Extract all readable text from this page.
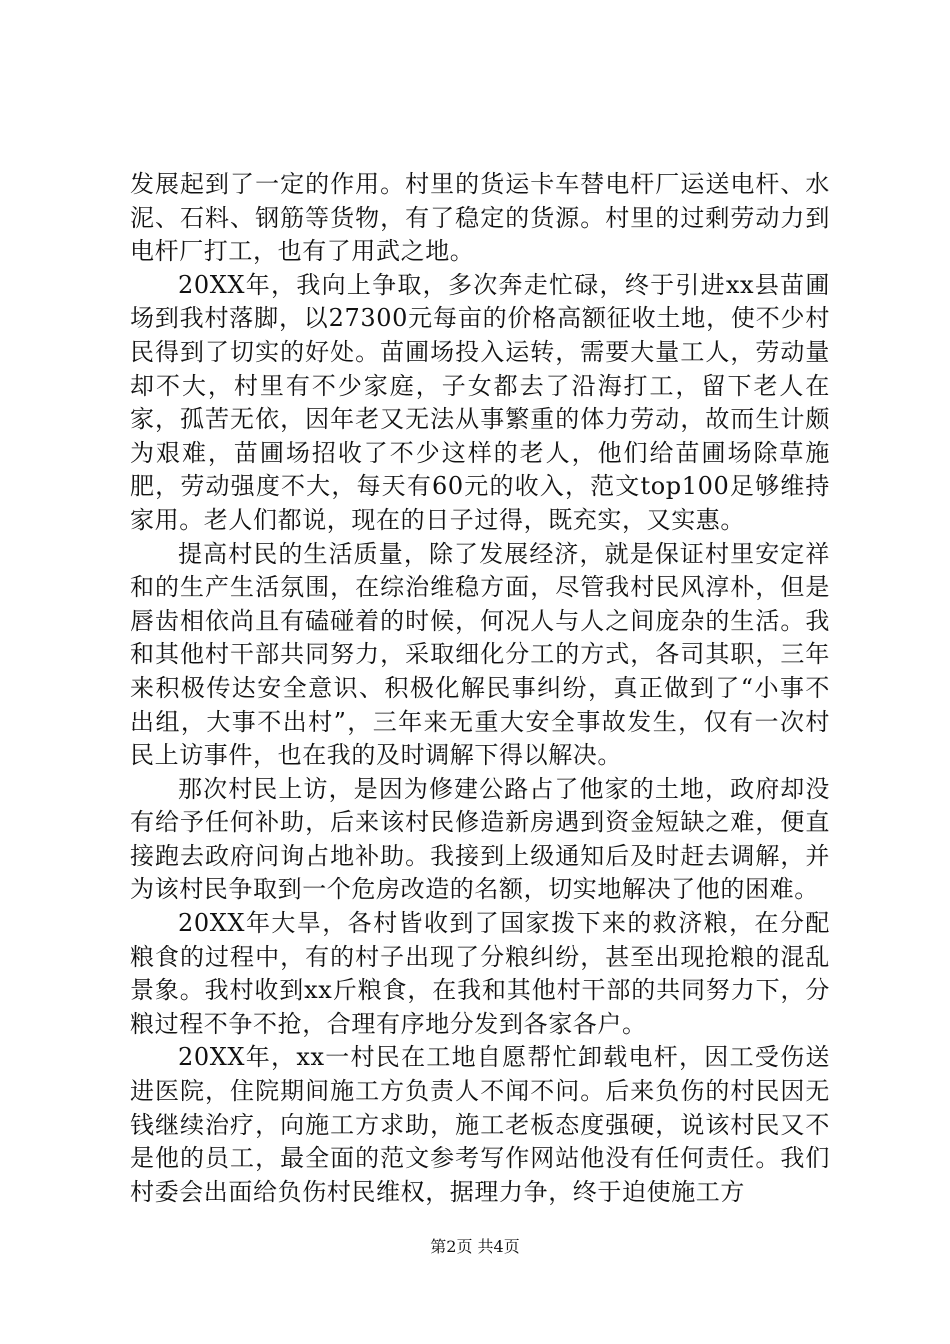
发展起到了一定的作用。村里的货运卡车替电杆厂运送电杆、水泥、石料、钢筋等货物，有了稳定的货源。村里的过剩劳动力到电杆厂打工，也有了用武之地。

20XX年，我向上争取，多次奔走忙碌，终于引进xx县苗圃场到我村落脚，以27300元每亩的价格高额征收土地，使不少村民得到了切实的好处。苗圃场投入运转，需要大量工人，劳动量却不大，村里有不少家庭，子女都去了沿海打工，留下老人在家，孤苦无依，因年老又无法从事繁重的体力劳动，故而生计颇为艰难，苗圃场招收了不少这样的老人，他们给苗圃场除草施肥，劳动强度不大，每天有60元的收入，范文top100足够维持家用。老人们都说，现在的日子过得，既充实，又实惠。

提高村民的生活质量，除了发展经济，就是保证村里安定祥和的生产生活氛围，在综治维稳方面，尽管我村民风淳朴，但是唇齿相依尚且有磕碰着的时候，何况人与人之间庞杂的生活。我和其他村干部共同努力，采取细化分工的方式，各司其职，三年来积极传达安全意识、积极化解民事纠纷，真正做到了“小事不出组，大事不出村”，三年来无重大安全事故发生，仅有一次村民上访事件，也在我的及时调解下得以解决。

那次村民上访，是因为修建公路占了他家的土地，政府却没有给予任何补助，后来该村民修造新房遇到资金短缺之难，便直接跑去政府问询占地补助。我接到上级通知后及时赶去调解，并为该村民争取到一个危房改造的名额，切实地解决了他的困难。

20XX年大旱，各村皆收到了国家拨下来的救济粮，在分配粮食的过程中，有的村子出现了分粮纠纷，甚至出现抢粮的混乱景象。我村收到xx斤粮食，在我和其他村干部的共同努力下，分粮过程不争不抢，合理有序地分发到各家各户。

20XX年，xx一村民在工地自愿帮忙卸载电杆，因工受伤送进医院，住院期间施工方负责人不闻不问。后来负伤的村民因无钱继续治疗，向施工方求助，施工老板态度强硬，说该村民又不是他的员工，最全面的范文参考写作网站他没有任何责任。我们村委会出面给负伤村民维权，据理力争，终于迫使施工方

第2页 共4页
